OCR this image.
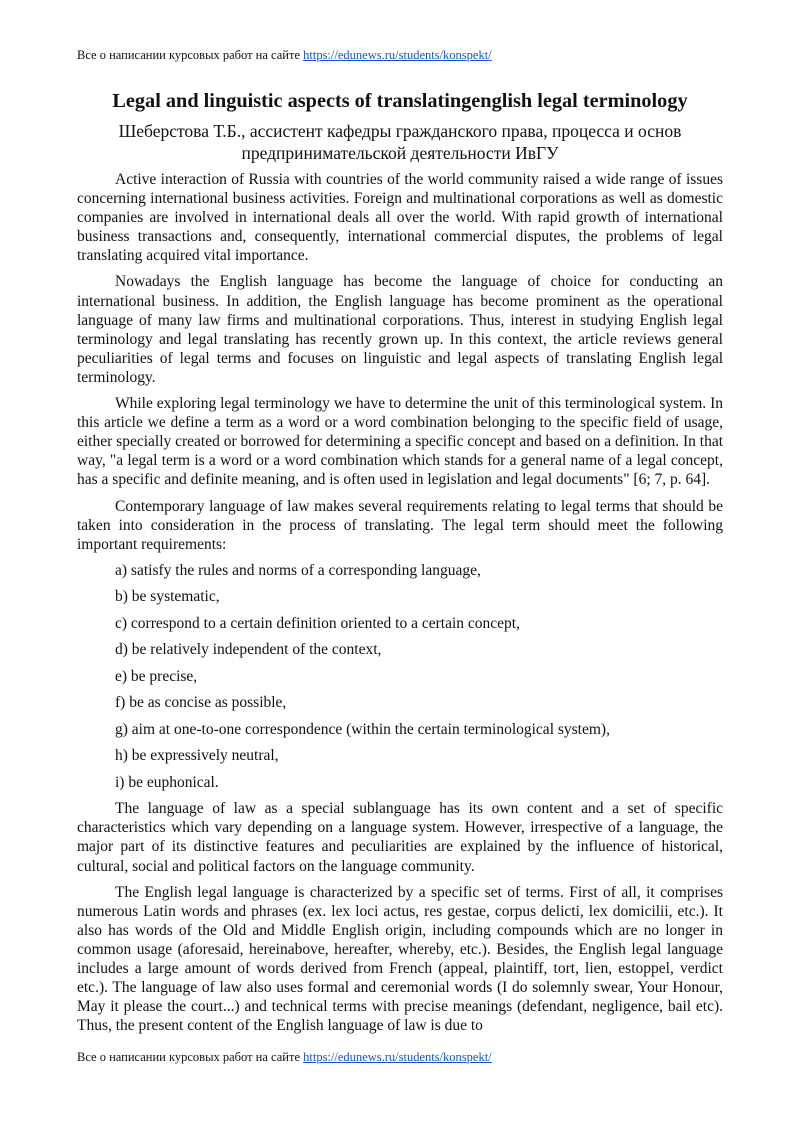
Все о написании курсовых работ на сайте https://edunews.ru/students/konspekt/
Legal and linguistic aspects of translatingenglish legal terminology
Шеберстова Т.Б., ассистент кафедры гражданского права, процесса и основ предпринимательской деятельности ИвГУ

Active interaction of Russia with countries of the world community raised a wide range of issues concerning international business activities. Foreign and multinational corporations as well as domestic companies are involved in international deals all over the world. With rapid growth of international business transactions and, consequently, international commercial disputes, the problems of legal translating acquired vital importance.

Nowadays the English language has become the language of choice for conducting an international business. In addition, the English language has become prominent as the operational language of many law firms and multinational corporations. Thus, interest in studying English legal terminology and legal translating has recently grown up. In this context, the article reviews general peculiarities of legal terms and focuses on linguistic and legal aspects of translating English legal terminology.

While exploring legal terminology we have to determine the unit of this terminological system. In this article we define a term as a word or a word combination belonging to the specific field of usage, either specially created or borrowed for determining a specific concept and based on a definition. In that way, "a legal term is a word or a word combination which stands for a general name of a legal concept, has a specific and definite meaning, and is often used in legislation and legal documents" [6; 7, p. 64].

Contemporary language of law makes several requirements relating to legal terms that should be taken into consideration in the process of translating. The legal term should meet the following important requirements:

a) satisfy the rules and norms of a corresponding language,
b) be systematic,
c) correspond to a certain definition oriented to a certain concept,
d) be relatively independent of the context,
e) be precise,
f) be as concise as possible,
g) aim at one-to-one correspondence (within the certain terminological system),
h) be expressively neutral,
i) be euphonical.

The language of law as a special sublanguage has its own content and a set of specific characteristics which vary depending on a language system. However, irrespective of a language, the major part of its distinctive features and peculiarities are explained by the influence of historical, cultural, social and political factors on the language community.

The English legal language is characterized by a specific set of terms. First of all, it comprises numerous Latin words and phrases (ex. lex loci actus, res gestae, corpus delicti, lex domicilii, etc.). It also has words of the Old and Middle English origin, including compounds which are no longer in common usage (aforesaid, hereinabove, hereafter, whereby, etc.). Besides, the English legal language includes a large amount of words derived from French (appeal, plaintiff, tort, lien, estoppel, verdict etc.). The language of law also uses formal and ceremonial words (I do solemnly swear, Your Honour, May it please the court...) and technical terms with precise meanings (defendant, negligence, bail etc). Thus, the present content of the English language of law is due to

Все о написании курсовых работ на сайте https://edunews.ru/students/konspekt/
